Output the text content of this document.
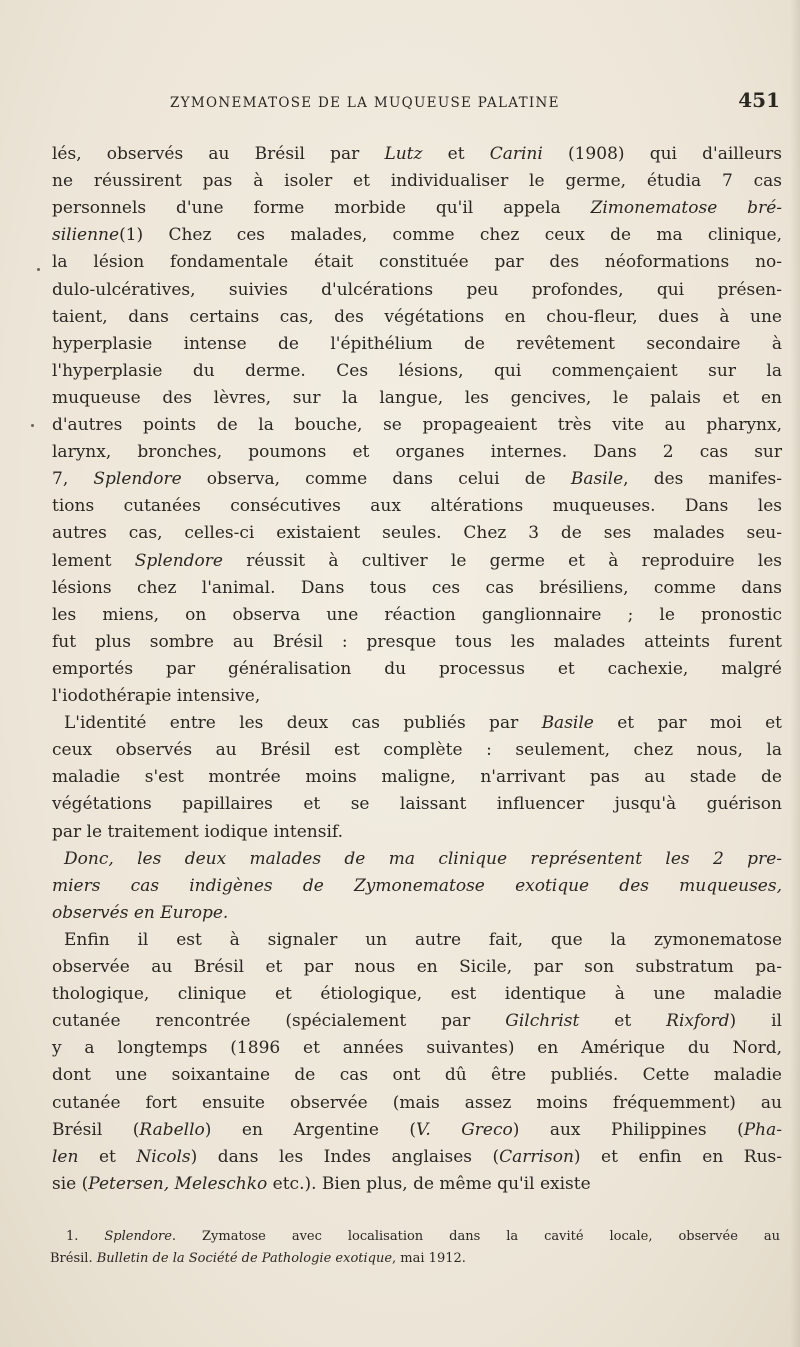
ZYMONEMATOSE DE LA MUQUEUSE PALATINE	451
lés, observés au Brésil par Lutz et Carini (1908) qui d'ailleurs
ne réussirent pas à isoler et individualiser le germe, étudia 7 cas
personnels d'une forme morbide qu'il appela Zimonematose bré-
silienne(1) Chez ces malades, comme chez ceux de ma clinique,
la lésion fondamentale était constituée par des néoformations no-
dulo-ulcératives, suivies d'ulcérations peu profondes, qui présen-
taient, dans certains cas, des végétations en chou-fleur, dues à une
hyperplasie intense de l'épithélium de revêtement secondaire à
l'hyperplasie du derme. Ces lésions, qui commençaient sur la
muqueuse des lèvres, sur la langue, les gencives, le palais et en
d'autres points de la bouche, se propageaient très vite au pharynx,
larynx, bronches, poumons et organes internes. Dans 2 cas sur
7, Splendore observa, comme dans celui de Basile, des manifes-
tions cutanées consécutives aux altérations muqueuses. Dans les
autres cas, celles-ci existaient seules. Chez 3 de ses malades seu-
lement Splendore réussit à cultiver le germe et à reproduire les
lésions chez l'animal. Dans tous ces cas brésiliens, comme dans
les miens, on observa une réaction ganglionnaire ; le pronostic
fut plus sombre au Brésil : presque tous les malades atteints furent
emportés par généralisation du processus et cachexie, malgré
l'iodothérapie intensive,
L'identité entre les deux cas publiés par Basile et par moi et
ceux observés au Brésil est complète : seulement, chez nous, la
maladie s'est montrée moins maligne, n'arrivant pas au stade de
végétations papillaires et se laissant influencer jusqu'à guérison
par le traitement iodique intensif.
Donc, les deux malades de ma clinique représentent les 2 pre-
miers cas indigènes de Zymonematose exotique des muqueuses,
observés en Europe.
Enfin il est à signaler un autre fait, que la zymonematose
observée au Brésil et par nous en Sicile, par son substratum pa-
thologique, clinique et étiologique, est identique à une maladie
cutanée rencontrée (spécialement par Gilchrist et Rixford) il
y a longtemps (1896 et années suivantes) en Amérique du Nord,
dont une soixantaine de cas ont dû être publiés. Cette maladie
cutanée fort ensuite observée (mais assez moins fréquemment) au
Brésil (Rabello) en Argentine (V. Greco) aux Philippines (Pha-
len et Nicols) dans les Indes anglaises (Carrison) et enfin en Rus-
sie (Petersen, Meleschko etc.). Bien plus, de même qu'il existe
1. Splendore. Zymatose avec localisation dans la cavité locale, observée au
Brésil. Bulletin de la Société de Pathologie exotique, mai 1912.
